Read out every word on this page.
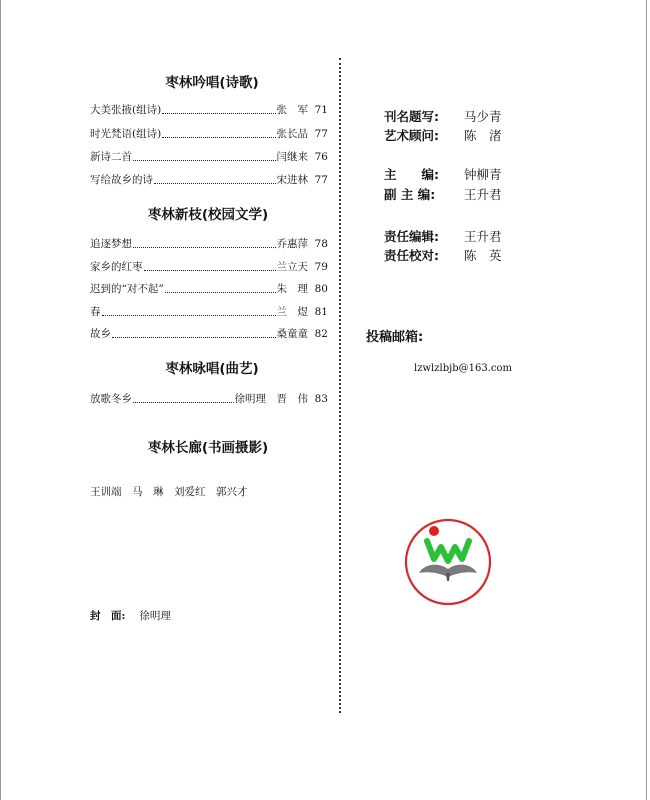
枣林吟唱(诗歌)
大美张掖(组诗)	张　军 71
时光梵语(组诗)	张长品 77
新诗二首	闫继来 76
写给故乡的诗	宋进林 77
枣林新枝(校园文学)
追逐梦想	乔惠萍 78
家乡的红枣	兰立天 79
迟到的“对不起”	朱　理 80
春	兰　煜 81
故乡	桑童童 82
枣林咏唱(曲艺)
放歌冬乡	徐明理　晋　伟 83
枣林长廊(书画摄影)
王训端　马　琳　刘爱红　郭兴才
封　面: 徐明理
刊名题写:	马少青
艺术顾问:	陈　渚
主　　编:	钟柳青
副 主 编:	王升君
责任编辑:	王升君
责任校对:	陈　英
投稿邮箱:
lzwlzlbjb@163.com
